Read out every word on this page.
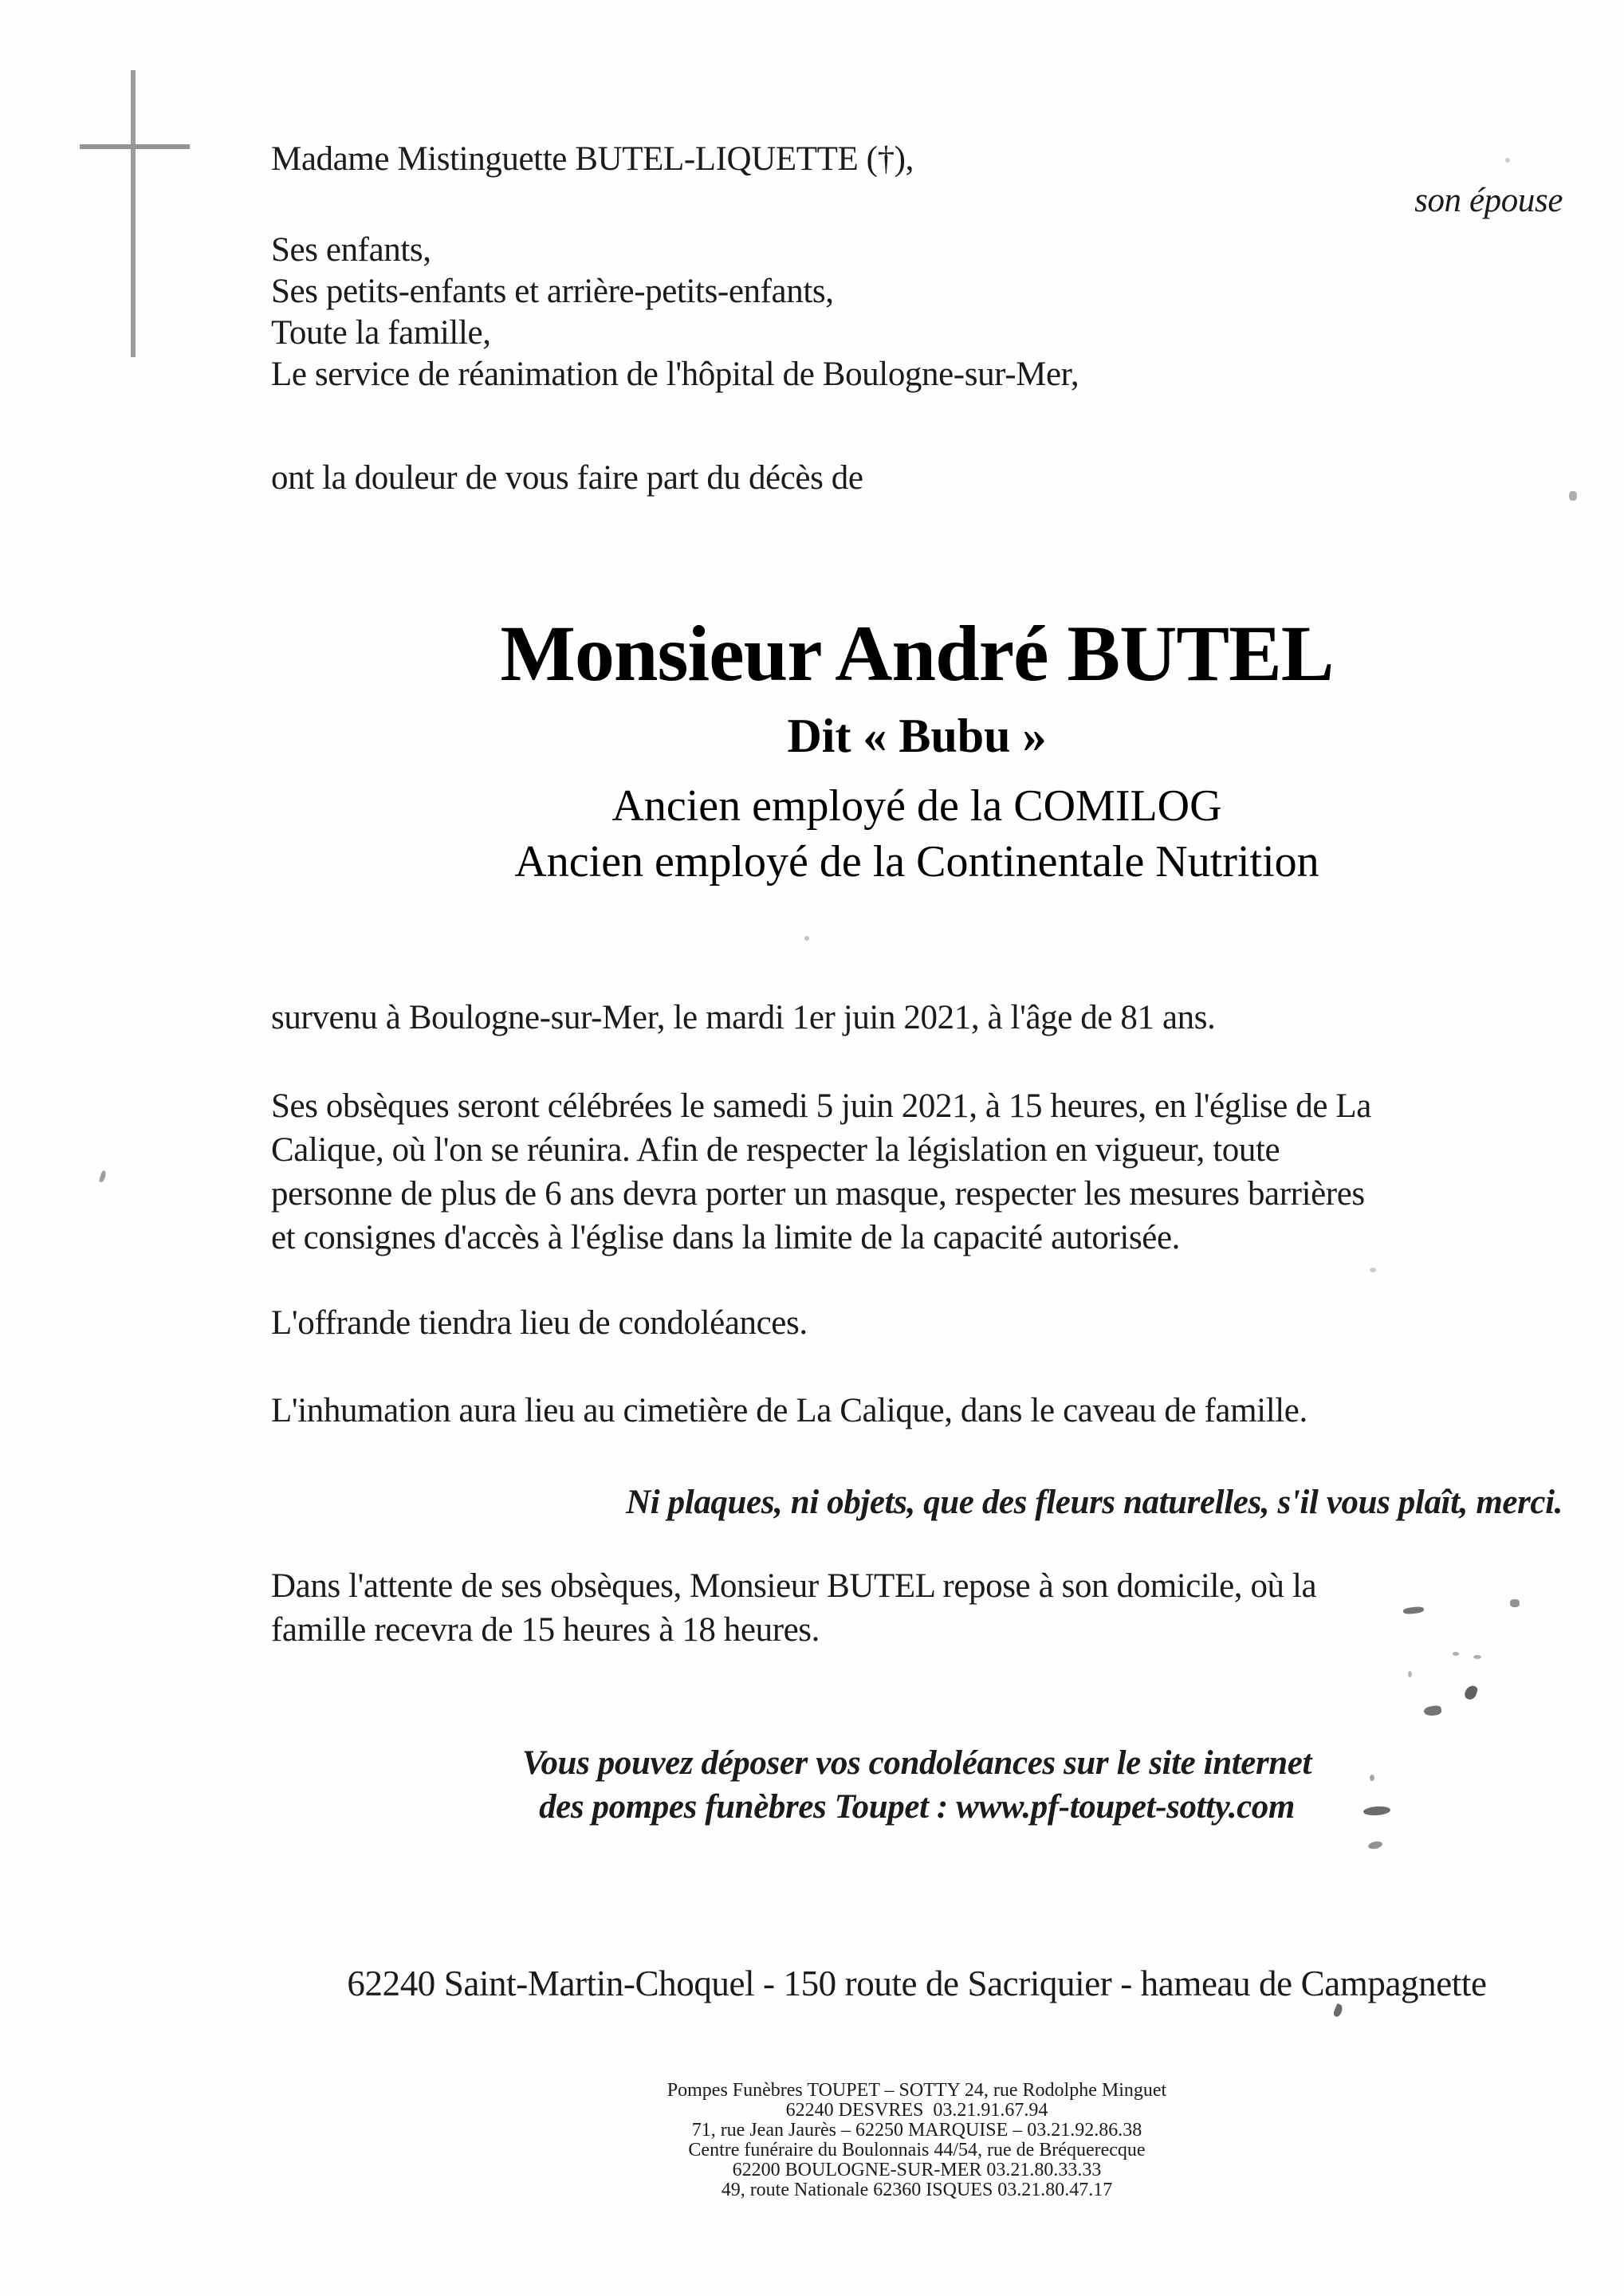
Madame Mistinguette BUTEL-LIQUETTE (†),
son épouse
Ses enfants,
Ses petits-enfants et arrière-petits-enfants,
Toute la famille,
Le service de réanimation de l'hôpital de Boulogne-sur-Mer,
ont la douleur de vous faire part du décès de
Monsieur André BUTEL
Dit « Bubu »
Ancien employé de la COMILOG
Ancien employé de la Continentale Nutrition
survenu à Boulogne-sur-Mer, le mardi 1er juin 2021, à l'âge de 81 ans.
Ses obsèques seront célébrées le samedi 5 juin 2021, à 15 heures, en l'église de La
Calique, où l'on se réunira. Afin de respecter la législation en vigueur, toute
personne de plus de 6 ans devra porter un masque, respecter les mesures barrières
et consignes d'accès à l'église dans la limite de la capacité autorisée.
L'offrande tiendra lieu de condoléances.
L'inhumation aura lieu au cimetière de La Calique, dans le caveau de famille.
Ni plaques, ni objets, que des fleurs naturelles, s'il vous plaît, merci.
Dans l'attente de ses obsèques, Monsieur BUTEL repose à son domicile, où la
famille recevra de 15 heures à 18 heures.
Vous pouvez déposer vos condoléances sur le site internet
des pompes funèbres Toupet : www.pf-toupet-sotty.com
62240 Saint-Martin-Choquel - 150 route de Sacriquier - hameau de Campagnette
Pompes Funèbres TOUPET – SOTTY 24, rue Rodolphe Minguet
62240 DESVRES  03.21.91.67.94
71, rue Jean Jaurès – 62250 MARQUISE – 03.21.92.86.38
Centre funéraire du Boulonnais 44/54, rue de Bréquerecque
62200 BOULOGNE-SUR-MER 03.21.80.33.33
49, route Nationale 62360 ISQUES 03.21.80.47.17
